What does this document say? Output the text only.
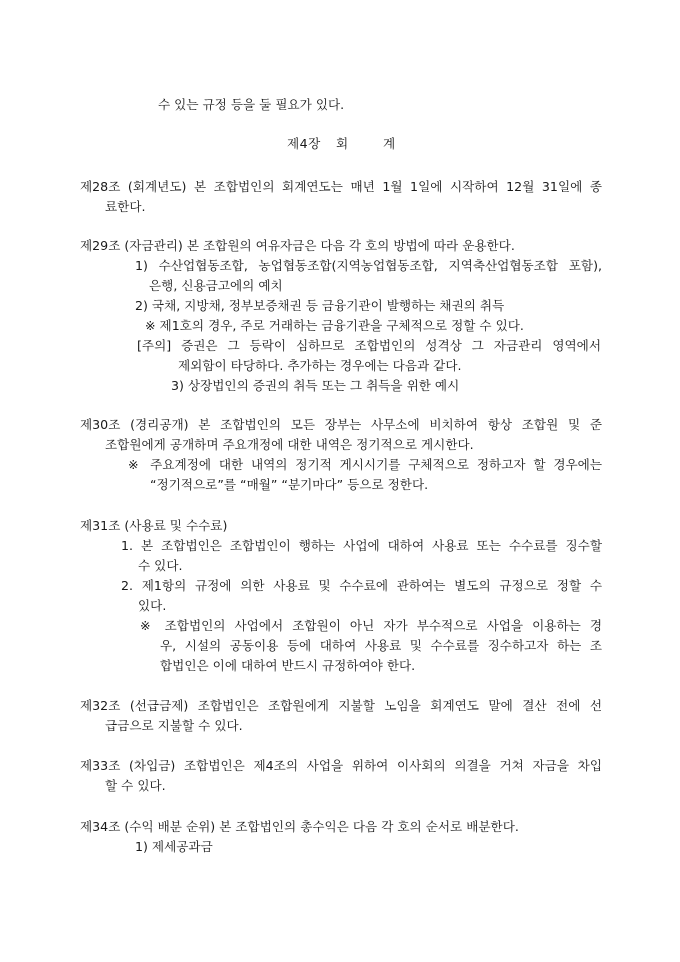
수 있는 규정 등을 둘 필요가 있다.
제4장 회	계
제28조 (회계년도) 본 조합법인의 회계연도는 매년 1월 1일에 시작하여 12월 31일에 종
료한다.
제29조 (자금관리) 본 조합원의 여유자금은 다음 각 호의 방법에 따라 운용한다.
1) 수산업협동조합, 농업협동조합(지역농업협동조합, 지역축산업협동조합 포함),
은행, 신용금고에의 예치
2) 국채, 지방채, 정부보증채권 등 금융기관이 발행하는 채권의 취득
※ 제1호의 경우, 주로 거래하는 금융기관을 구체적으로 정할 수 있다.
[주의] 증권은 그 등락이 심하므로 조합법인의 성격상 그 자금관리 영역에서
제외함이 타당하다. 추가하는 경우에는 다음과 같다.
3) 상장법인의 증권의 취득 또는 그 취득을 위한 예시
제30조 (경리공개) 본 조합법인의 모든 장부는 사무소에 비치하여 항상 조합원 및 준
조합원에게 공개하며 주요개정에 대한 내역은 정기적으로 게시한다.
※ 주요계정에 대한 내역의 정기적 게시시기를 구체적으로 정하고자 할 경우에는
“정기적으로”를 “매월” “분기마다” 등으로 정한다.
제31조 (사용료 및 수수료)
1. 본 조합법인은 조합법인이 행하는 사업에 대하여 사용료 또는 수수료를 징수할
수 있다.
2. 제1항의 규정에 의한 사용료 및 수수료에 관하여는 별도의 규정으로 정할 수
있다.
※ 조합법인의 사업에서 조합원이 아닌 자가 부수적으로 사업을 이용하는 경
우, 시설의 공동이용 등에 대하여 사용료 및 수수료를 징수하고자 하는 조
합법인은 이에 대하여 반드시 규정하여야 한다.
제32조 (선급금제) 조합법인은 조합원에게 지불할 노임을 회계연도 말에 결산 전에 선
급금으로 지불할 수 있다.
제33조 (차입금) 조합법인은 제4조의 사업을 위하여 이사회의 의결을 거쳐 자금을 차입
할 수 있다.
제34조 (수익 배분 순위) 본 조합법인의 총수익은 다음 각 호의 순서로 배분한다.
1) 제세공과금
